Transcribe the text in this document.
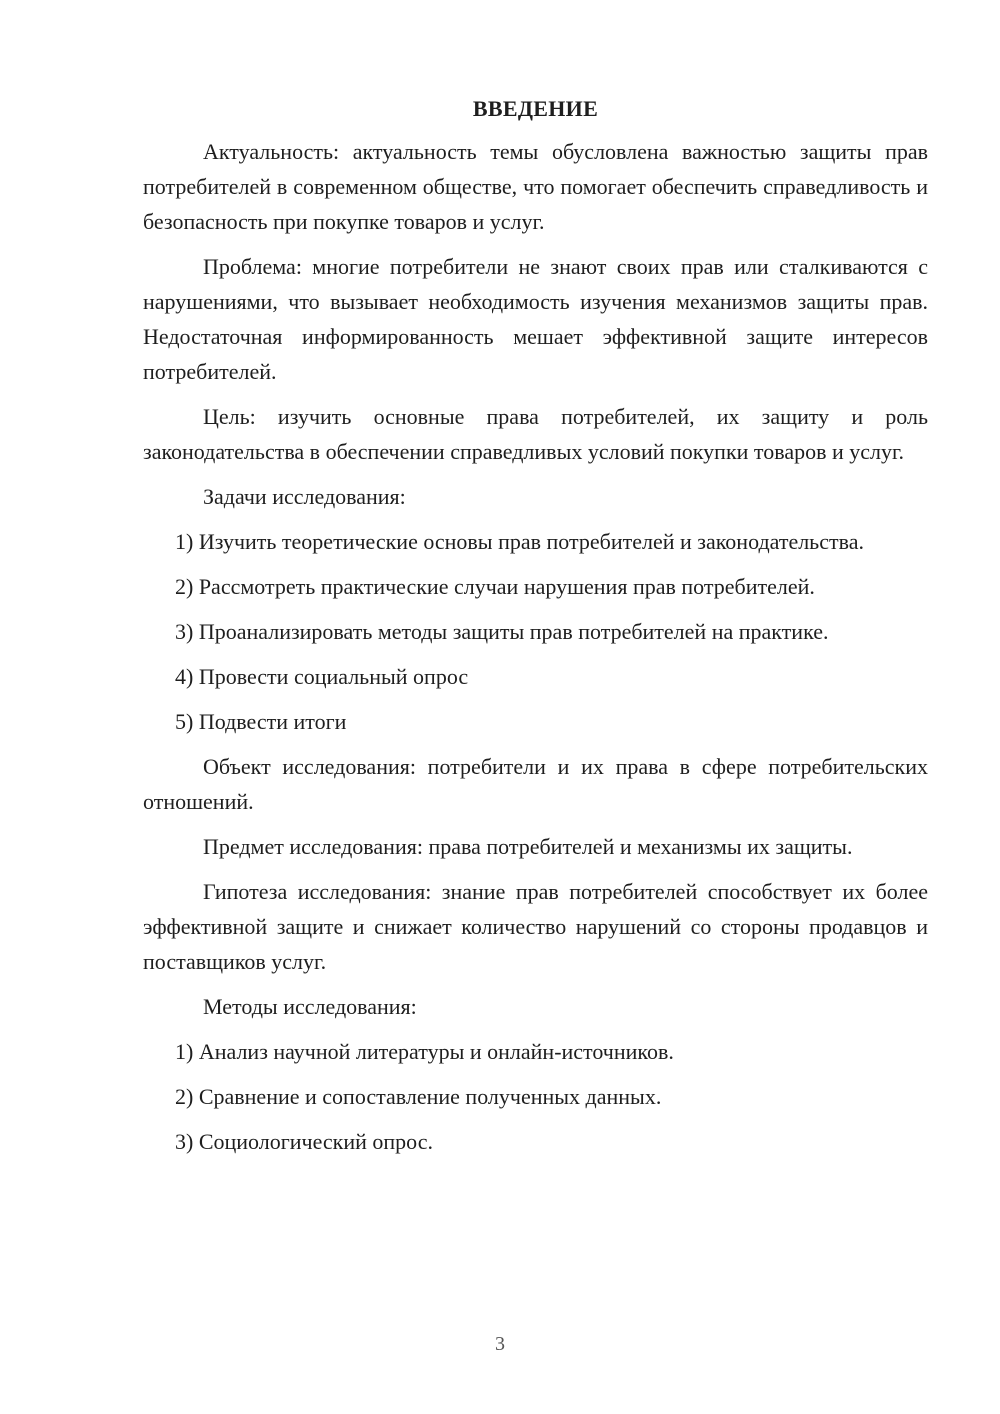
ВВЕДЕНИЕ

Актуальность: актуальность темы обусловлена важностью защиты прав потребителей в современном обществе, что помогает обеспечить справедливость и безопасность при покупке товаров и услуг.

Проблема: многие потребители не знают своих прав или сталкиваются с нарушениями, что вызывает необходимость изучения механизмов защиты прав. Недостаточная информированность мешает эффективной защите интересов потребителей.

Цель: изучить основные права потребителей, их защиту и роль законодательства в обеспечении справедливых условий покупки товаров и услуг.

Задачи исследования:

1) Изучить теоретические основы прав потребителей и законодательства.

2) Рассмотреть практические случаи нарушения прав потребителей.

3) Проанализировать методы защиты прав потребителей на практике.

4) Провести социальный опрос

5) Подвести итоги

Объект исследования: потребители и их права в сфере потребительских отношений.

Предмет исследования: права потребителей и механизмы их защиты.

Гипотеза исследования: знание прав потребителей способствует их более эффективной защите и снижает количество нарушений со стороны продавцов и поставщиков услуг.

Методы исследования:

1) Анализ научной литературы и онлайн-источников.

2) Сравнение и сопоставление полученных данных.

3) Социологический опрос.

3
